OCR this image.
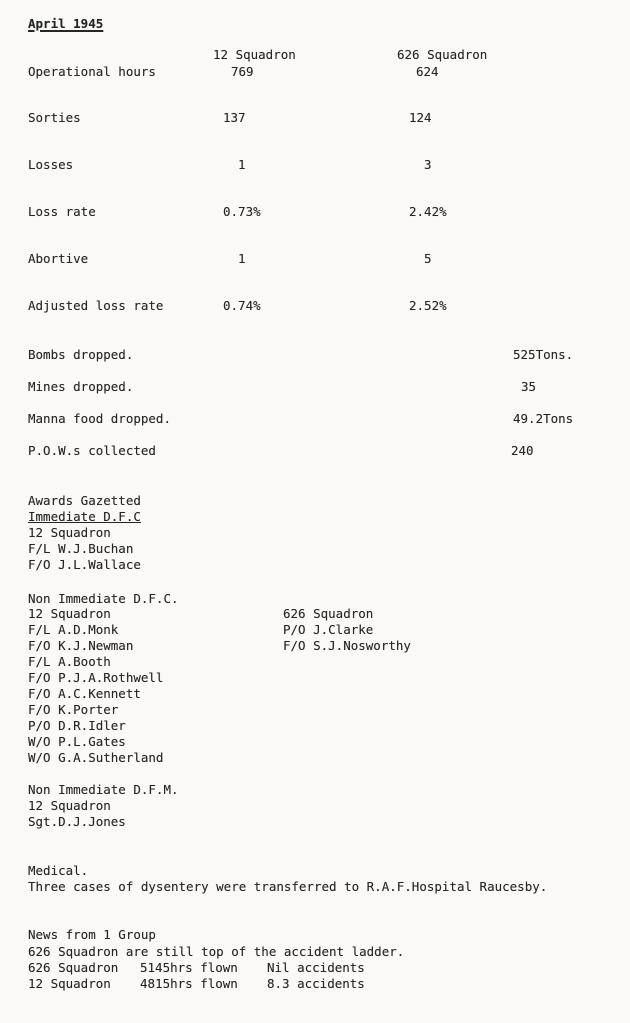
April 1945
12 Squadron	626 Squadron
Operational hours	769	624
Sorties	137	124
Losses	1	3
Loss rate	0.73%	2.42%
Abortive	1	5
Adjusted loss rate	0.74%	2.52%
Bombs dropped.	525Tons.
Mines dropped.	35
Manna food dropped.	49.2Tons
P.O.W.s collected	240
Awards Gazetted
Immediate D.F.C
12 Squadron
F/L W.J.Buchan
F/O J.L.Wallace
Non Immediate D.F.C.
12 Squadron	626 Squadron
F/L A.D.Monk	P/O J.Clarke
F/O K.J.Newman	F/O S.J.Nosworthy
F/L A.Booth
F/O P.J.A.Rothwell
F/O A.C.Kennett
F/O K.Porter
P/O D.R.Idler
W/O P.L.Gates
W/O G.A.Sutherland
Non Immediate D.F.M.
12 Squadron
Sgt.D.J.Jones
Medical.
Three cases of dysentery were transferred to R.A.F.Hospital Raucesby.
News from 1 Group
626 Squadron are still top of the accident ladder.
626 Squadron 5145hrs flown Nil accidents
12 Squadron 4815hrs flown 8.3 accidents
